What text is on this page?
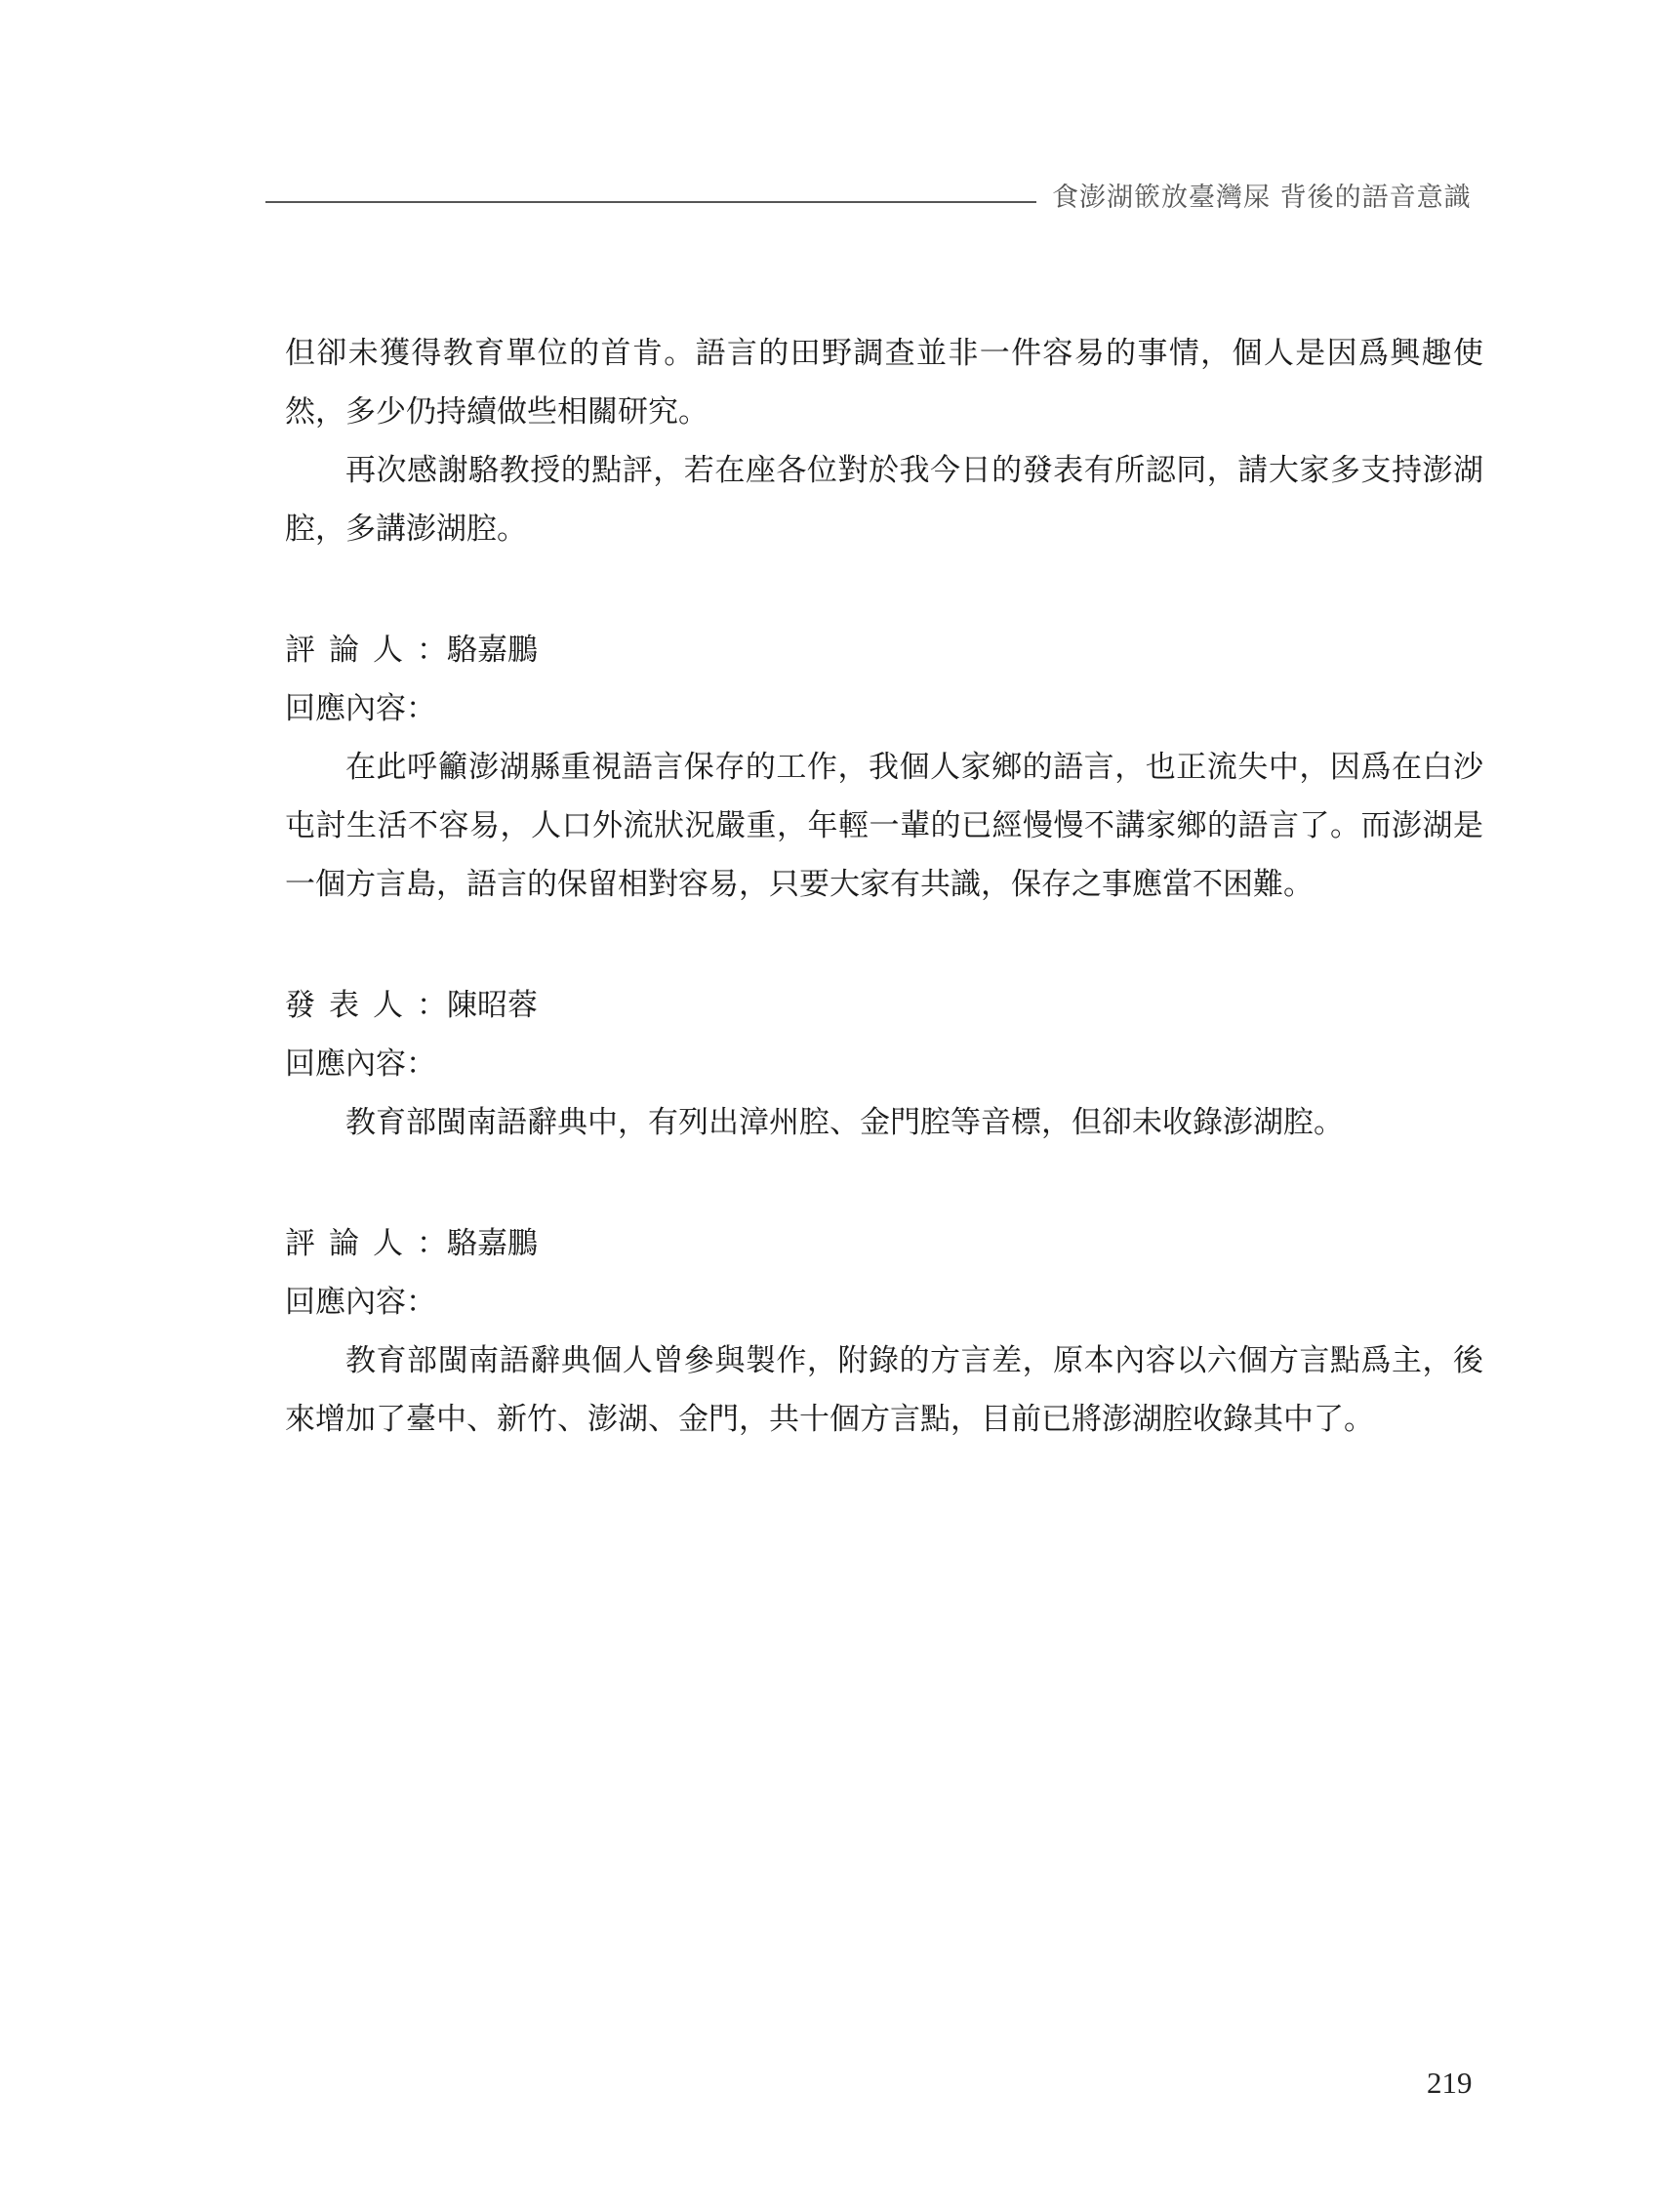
食澎湖篏放臺灣屎 背後的語音意識

但卻未獲得教育單位的首肯。語言的田野調查並非一件容易的事情，個人是因爲興趣使然，多少仍持續做些相關研究。

再次感謝駱教授的點評，若在座各位對於我今日的發表有所認同，請大家多支持澎湖腔，多講澎湖腔。

評論人：駱嘉鵬

回應內容：

在此呼籲澎湖縣重視語言保存的工作，我個人家鄉的語言，也正流失中，因爲在白沙屯討生活不容易，人口外流狀況嚴重，年輕一輩的已經慢慢不講家鄉的語言了。而澎湖是一個方言島，語言的保留相對容易，只要大家有共識，保存之事應當不困難。

發表人：陳昭蓉

回應內容：

教育部閩南語辭典中，有列出漳州腔、金門腔等音標，但卻未收錄澎湖腔。

評論人：駱嘉鵬

回應內容：

教育部閩南語辭典個人曾參與製作，附錄的方言差，原本內容以六個方言點爲主，後來增加了臺中、新竹、澎湖、金門，共十個方言點，目前已將澎湖腔收錄其中了。

219
